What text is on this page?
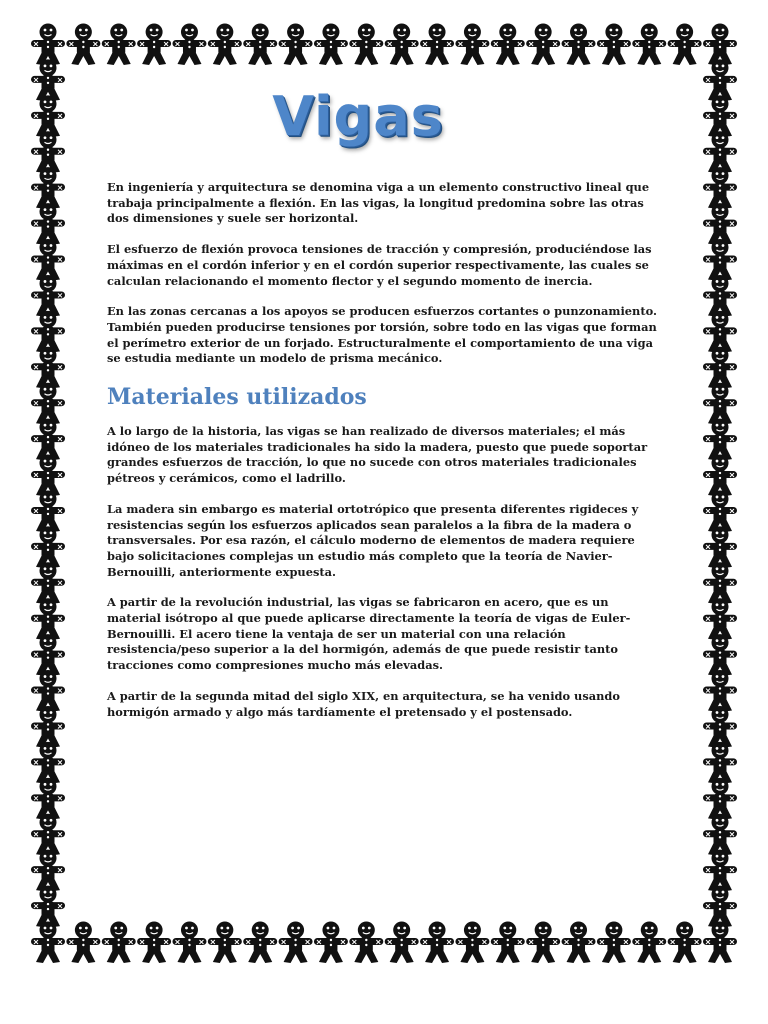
Vigas

En ingeniería y arquitectura se denomina viga a un elemento constructivo lineal que trabaja principalmente a flexión. En las vigas, la longitud predomina sobre las otras dos dimensiones y suele ser horizontal.

El esfuerzo de flexión provoca tensiones de tracción y compresión, produciéndose las máximas en el cordón inferior y en el cordón superior respectivamente, las cuales se calculan relacionando el momento flector y el segundo momento de inercia.

En las zonas cercanas a los apoyos se producen esfuerzos cortantes o punzonamiento. También pueden producirse tensiones por torsión, sobre todo en las vigas que forman el perímetro exterior de un forjado. Estructuralmente el comportamiento de una viga se estudia mediante un modelo de prisma mecánico.

Materiales utilizados

A lo largo de la historia, las vigas se han realizado de diversos materiales; el más idóneo de los materiales tradicionales ha sido la madera, puesto que puede soportar grandes esfuerzos de tracción, lo que no sucede con otros materiales tradicionales pétreos y cerámicos, como el ladrillo.

La madera sin embargo es material ortotrópico que presenta diferentes rigideces y resistencias según los esfuerzos aplicados sean paralelos a la fibra de la madera o transversales. Por esa razón, el cálculo moderno de elementos de madera requiere bajo solicitaciones complejas un estudio más completo que la teoría de Navier-Bernouilli, anteriormente expuesta.

A partir de la revolución industrial, las vigas se fabricaron en acero, que es un material isótropo al que puede aplicarse directamente la teoría de vigas de Euler-Bernouilli. El acero tiene la ventaja de ser un material con una relación resistencia/peso superior a la del hormigón, además de que puede resistir tanto tracciones como compresiones mucho más elevadas.

A partir de la segunda mitad del siglo XIX, en arquitectura, se ha venido usando hormigón armado y algo más tardíamente el pretensado y el postensado.
